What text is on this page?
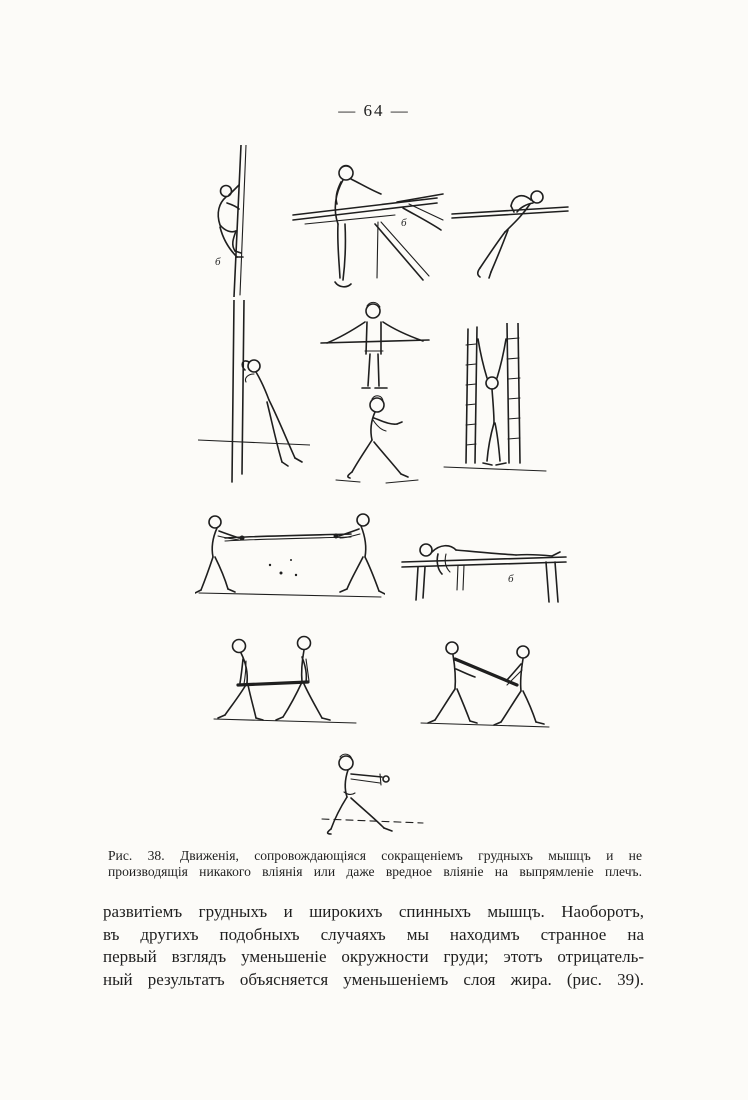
— 64 —
б
б
б
Рис. 38. Движенія, сопровождающіяся сокращеніемъ грудныхъ мышцъ и не
производящія никакого вліянія или даже вредное вліяніе на выпрямленіе плечъ.
развитіемъ грудныхъ и широкихъ спинныхъ мышцъ. Наоборотъ,
въ другихъ подобныхъ случаяхъ мы находимъ странное на
первый взглядъ уменьшеніе окружности груди; этотъ отрицатель-
ный результатъ объясняется уменьшеніемъ слоя жира. (рис. 39).
